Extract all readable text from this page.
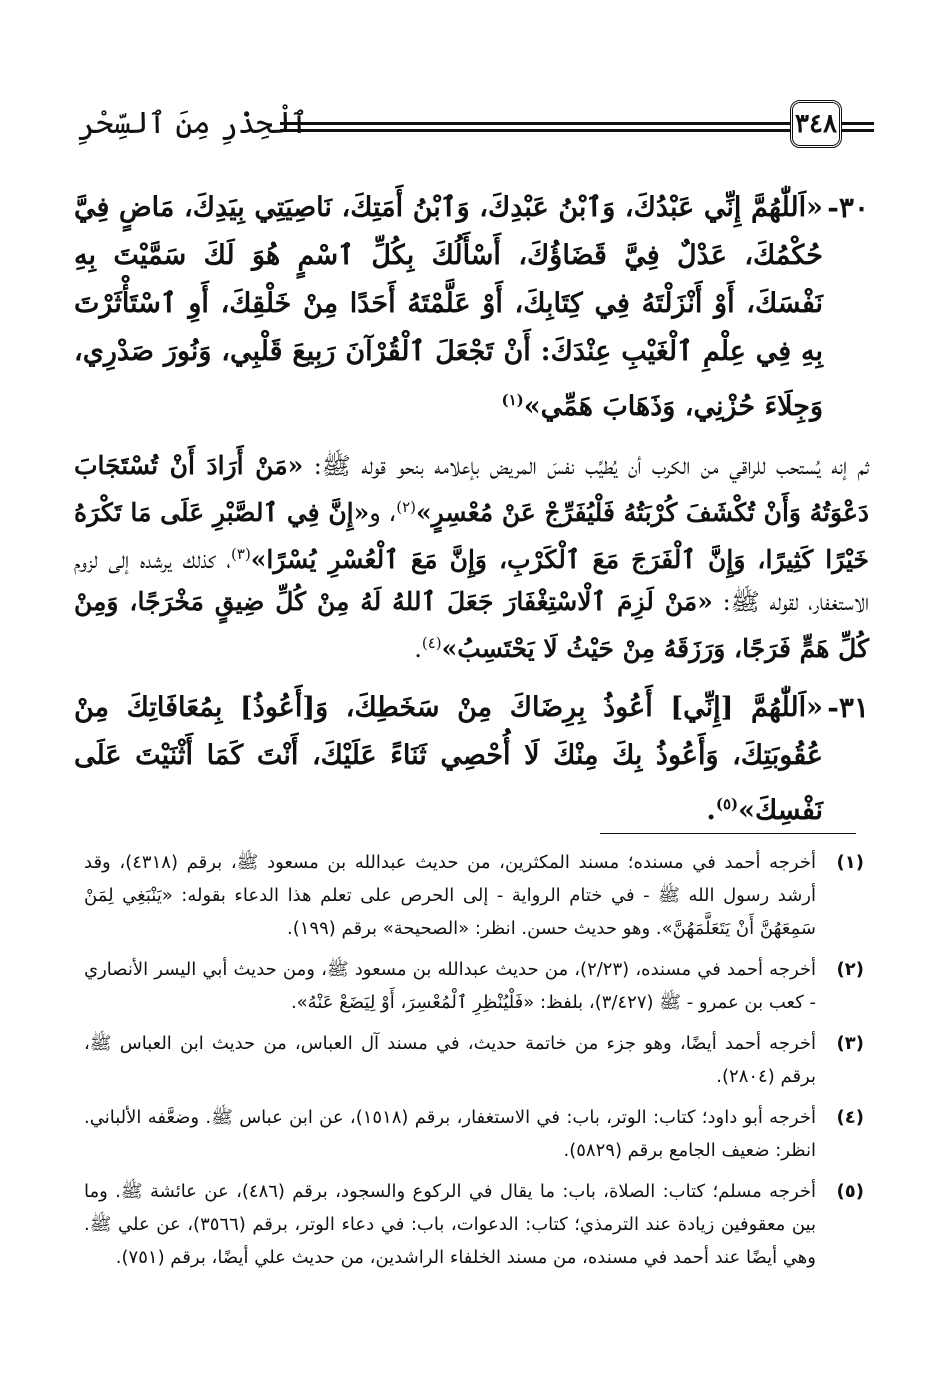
ٱلْحِذْرِ مِنَ ٱلسِّحْرِ	٣٤٨
٣٠-
«اَللّٰهُمَّ إِنِّي عَبْدُكَ، وَٱبْنُ عَبْدِكَ، وَٱبْنُ أَمَتِكَ، نَاصِيَتِي بِيَدِكَ، مَاضٍ فِيَّ حُكْمُكَ، عَدْلٌ فِيَّ قَضَاؤُكَ، أَسْأَلُكَ بِكُلِّ ٱسْمٍ هُوَ لَكَ سَمَّيْتَ بِهِ نَفْسَكَ، أَوْ أَنْزَلْتَهُ فِي كِتَابِكَ، أَوْ عَلَّمْتَهُ أَحَدًا مِنْ خَلْقِكَ، أَوِ ٱسْتَأْثَرْتَ بِهِ فِي عِلْمِ ٱلْغَيْبِ عِنْدَكَ: أَنْ تَجْعَلَ ٱلْقُرْآنَ رَبِيعَ قَلْبِي، وَنُورَ صَدْرِي، وَجِلَاءَ حُزْنِي، وَذَهَابَ هَمِّي»$^{(١)}$

ثم إنه يُستحب للراقي من الكرب أن يُطيِّب نفسَ المريض بإعلامه بنحو قوله ﷺ: «مَنْ أَرَادَ أَنْ تُسْتَجَابَ دَعْوَتُهُ وَأَنْ تُكْشَفَ كُرْبَتُهُ فَلْيُفَرِّجْ عَنْ مُعْسِرٍ»$^{(٢)}$، و«إِنَّ فِي ٱلصَّبْرِ عَلَى مَا تَكْرَهُ خَيْرًا كَثِيرًا، وَإِنَّ ٱلْفَرَجَ مَعَ ٱلْكَرْبِ، وَإِنَّ مَعَ ٱلْعُسْرِ يُسْرًا»$^{(٣)}$، كذلك يرشده إلى لزوم الاستغفار، لقوله ﷺ: «مَنْ لَزِمَ ٱلْاسْتِغْفَارَ جَعَلَ ٱللهُ لَهُ مِنْ كُلِّ ضِيقٍ مَخْرَجًا، وَمِنْ كُلِّ هَمٍّ فَرَجًا، وَرَزَقَهُ مِنْ حَيْثُ لَا يَحْتَسِبُ»$^{(٤)}$.

٣١-
«اَللّٰهُمَّ [إِنِّي] أَعُوذُ بِرِضَاكَ مِنْ سَخَطِكَ، وَ[أَعُوذُ] بِمُعَافَاتِكَ مِنْ عُقُوبَتِكَ، وَأَعُوذُ بِكَ مِنْكَ لَا أُحْصِي ثَنَاءً عَلَيْكَ، أَنْتَ كَمَا أَثْنَيْتَ عَلَى نَفْسِكَ»$^{(٥)}$.
(١)
أخرجه أحمد في مسنده؛ مسند المكثرين، من حديث عبدالله بن مسعود ﷺ، برقم (٤٣١٨)، وقد أرشد رسول الله ﷺ - في ختام الرواية - إلى الحرص على تعلم هذا الدعاء بقوله: «يَنْبَغِي لِمَنْ سَمِعَهُنَّ أَنْ يَتَعَلَّمَهُنَّ». وهو حديث حسن. انظر: «الصحيحة» برقم (١٩٩).
(٢)
أخرجه أحمد في مسنده، (٢/٢٣)، من حديث عبدالله بن مسعود ﷺ، ومن حديث أبي اليسر الأنصاري - كعب بن عمرو - ﷺ (٣/٤٢٧)، بلفظ: «فَلْيُنْظِرِ ٱلْمُعْسِرَ، أَوْ لِيَضَعْ عَنْهُ».
(٣)
أخرجه أحمد أيضًا، وهو جزء من خاتمة حديث، في مسند آل العباس، من حديث ابن العباس ﷺ، برقم (٢٨٠٤).
(٤)
أخرجه أبو داود؛ كتاب: الوتر، باب: في الاستغفار، برقم (١٥١٨)، عن ابن عباس ﷺ. وضعَّفه الألباني. انظر: ضعيف الجامع برقم (٥٨٢٩).
(٥)
أخرجه مسلم؛ كتاب: الصلاة، باب: ما يقال في الركوع والسجود، برقم (٤٨٦)، عن عائشة ﷺ. وما بين معقوفين زيادة عند الترمذي؛ كتاب: الدعوات، باب: في دعاء الوتر، برقم (٣٥٦٦)، عن علي ﷺ. وهي أيضًا عند أحمد في مسنده، من مسند الخلفاء الراشدين، من حديث علي أيضًا، برقم (٧٥١).
